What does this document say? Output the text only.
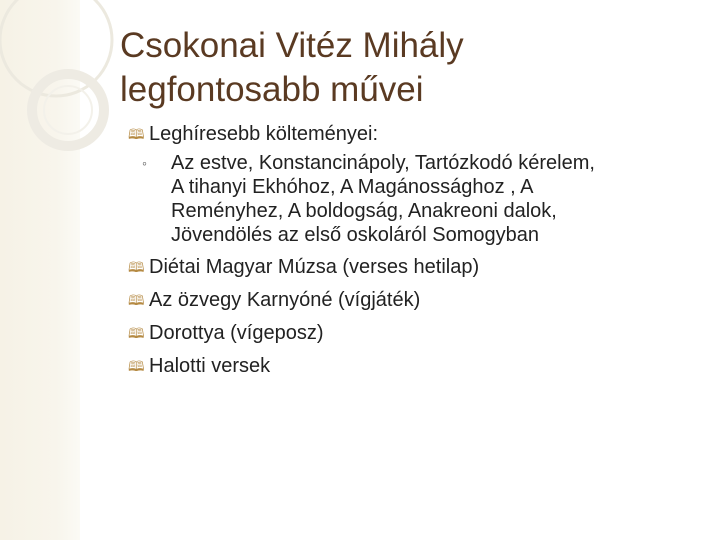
Csokonai Vitéz Mihály
legfontosabb művei
🕮 Leghíresebb költeményei:
◦ Az estve, Konstancinápoly, Tartózkodó kérelem,
A tihanyi Ekhóhoz, A Magánossághoz , A
Reményhez, A boldogság, Anakreoni dalok,
Jövendölés az első oskoláról Somogyban
🕮 Diétai Magyar Múzsa (verses hetilap)
🕮 Az özvegy Karnyóné (vígjáték)
🕮 Dorottya (vígeposz)
🕮 Halotti versek
